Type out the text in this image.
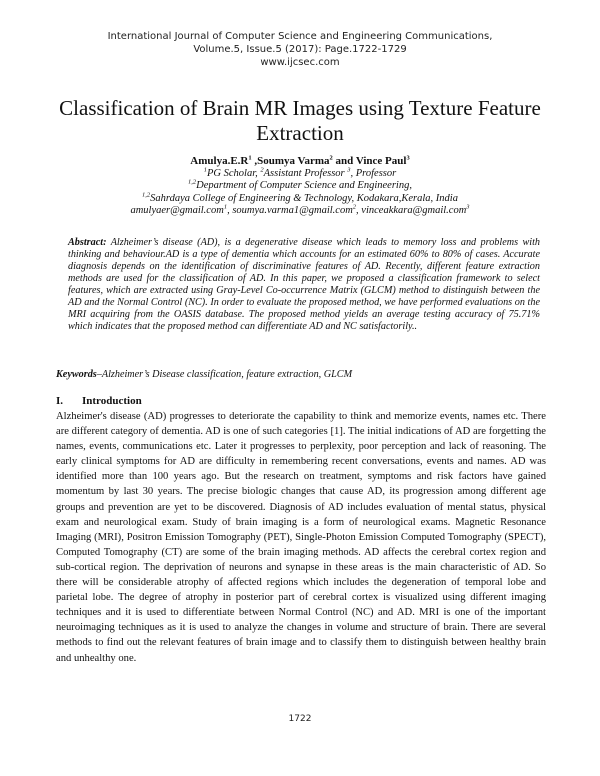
International Journal of Computer Science and Engineering Communications,
Volume.5, Issue.5 (2017): Page.1722-1729
www.ijcsec.com
Classification of Brain MR Images using Texture Feature Extraction
$Amulya.E.R^1$ ,Soumya Varma$^2$ and Vince Paul$^3$
$^1$PG Scholar, $^2$Assistant Professor $^3$, Professor
$^{1,2}$Department of Computer Science and Engineering,
$^{1,2}$Sahrdaya College of Engineering & Technology, Kodakara,Kerala, India
amulyaer@gmail.com$^1$, soumya.varma1@gmail.com$^2$, vinceakkara@gmail.com$^3$
Abstract: Alzheimer’s disease (AD), is a degenerative disease which leads to memory loss and problems with thinking and behaviour.AD is a type of dementia which accounts for an estimated 60% to 80% of cases. Accurate diagnosis depends on the identification of discriminative features of AD. Recently, different feature extraction methods are used for the classification of AD. In this paper, we proposed a classification framework to select features, which are extracted using Gray-Level Co-occurrence Matrix (GLCM) method to distinguish between the AD and the Normal Control (NC). In order to evaluate the proposed method, we have performed evaluations on the MRI acquiring from the OASIS database. The proposed method yields an average testing accuracy of 75.71% which indicates that the proposed method can differentiate AD and NC satisfactorily..
Keywords–Alzheimer’s Disease classification, feature extraction, GLCM
I. Introduction
Alzheimer's disease (AD) progresses to deteriorate the capability to think and memorize events, names etc. There are different category of dementia. AD is one of such categories [1]. The initial indications of AD are forgetting the names, events, communications etc. Later it progresses to perplexity, poor perception and lack of reasoning. The early clinical symptoms for AD are difficulty in remembering recent conversations, events and names. AD was identified more than 100 years ago. But the research on treatment, symptoms and risk factors have gained momentum by last 30 years. The precise biologic changes that cause AD, its progression among different age groups and prevention are yet to be discovered. Diagnosis of AD includes evaluation of mental status, physical exam and neurological exam. Study of brain imaging is a form of neurological exams. Magnetic Resonance Imaging (MRI), Positron Emission Tomography (PET), Single-Photon Emission Computed Tomography (SPECT), Computed Tomography (CT) are some of the brain imaging methods. AD affects the cerebral cortex region and sub-cortical region. The deprivation of neurons and synapse in these areas is the main characteristic of AD. So there will be considerable atrophy of affected regions which includes the degeneration of temporal lobe and parietal lobe. The degree of atrophy in posterior part of cerebral cortex is visualized using different imaging techniques and it is used to differentiate between Normal Control (NC) and AD. MRI is one of the important neuroimaging techniques as it is used to analyze the changes in volume and structure of brain. There are several methods to find out the relevant features of brain image and to classify them to distinguish between healthy brain and unhealthy one.
1722
